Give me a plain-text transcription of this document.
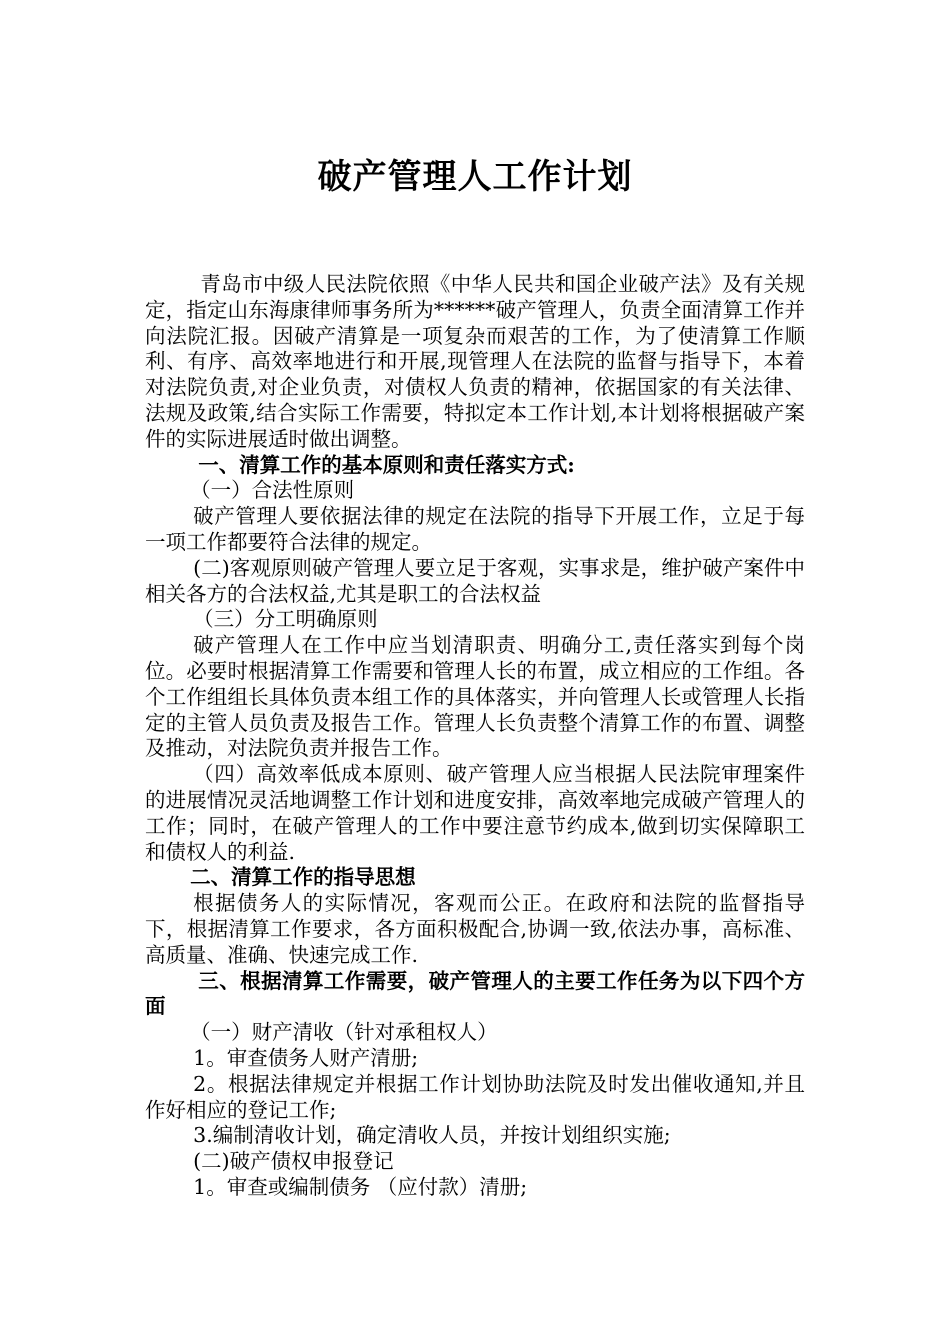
破产管理人工作计划

青岛市中级人民法院依照《中华人民共和国企业破产法》及有关规定，指定山东海康律师事务所为******破产管理人，负责全面清算工作并向法院汇报。因破产清算是一项复杂而艰苦的工作，为了使清算工作顺利、有序、高效率地进行和开展,现管理人在法院的监督与指导下，本着对法院负责,对企业负责，对债权人负责的精神，依据国家的有关法律、法规及政策,结合实际工作需要，特拟定本工作计划,本计划将根据破产案件的实际进展适时做出调整。

一、清算工作的基本原则和责任落实方式:

（一）合法性原则

破产管理人要依据法律的规定在法院的指导下开展工作，立足于每一项工作都要符合法律的规定。

(二)客观原则破产管理人要立足于客观，实事求是，维护破产案件中相关各方的合法权益,尤其是职工的合法权益

（三）分工明确原则

破产管理人在工作中应当划清职责、明确分工,责任落实到每个岗位。必要时根据清算工作需要和管理人长的布置，成立相应的工作组。各个工作组组长具体负责本组工作的具体落实，并向管理人长或管理人长指定的主管人员负责及报告工作。管理人长负责整个清算工作的布置、调整及推动，对法院负责并报告工作。

（四）高效率低成本原则、破产管理人应当根据人民法院审理案件的进展情况灵活地调整工作计划和进度安排，高效率地完成破产管理人的工作；同时，在破产管理人的工作中要注意节约成本,做到切实保障职工和债权人的利益.

二、清算工作的指导思想

根据债务人的实际情况，客观而公正。在政府和法院的监督指导下，根据清算工作要求，各方面积极配合,协调一致,依法办事，高标准、高质量、准确、快速完成工作.

三、根据清算工作需要，破产管理人的主要工作任务为以下四个方面

（一）财产清收（针对承租权人）

1。审查债务人财产清册;

2。根据法律规定并根据工作计划协助法院及时发出催收通知,并且作好相应的登记工作;

3.编制清收计划，确定清收人员，并按计划组织实施;

(二)破产债权申报登记

1。审查或编制债务 （应付款）清册;
